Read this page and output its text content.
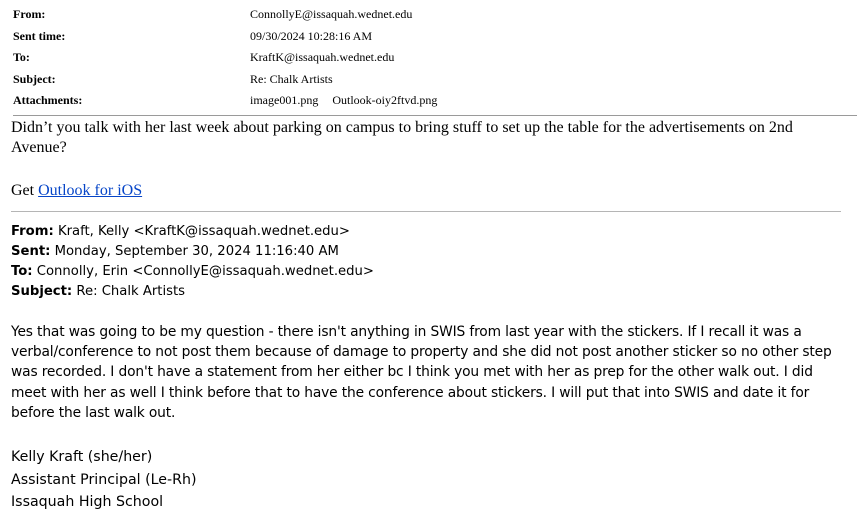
From:	ConnollyE@issaquah.wednet.edu
Sent time:	09/30/2024 10:28:16 AM
To:	KraftK@issaquah.wednet.edu
Subject:	Re: Chalk Artists
Attachments:	image001.png Outlook-oiy2ftvd.png
Didn’t you talk with her last week about parking on campus to bring stuff to set up the table for the advertisements on 2nd Avenue?
Get Outlook for iOS
From: Kraft, Kelly <KraftK@issaquah.wednet.edu>
Sent: Monday, September 30, 2024 11:16:40 AM
To: Connolly, Erin <ConnollyE@issaquah.wednet.edu>
Subject: Re: Chalk Artists
Yes that was going to be my question - there isn't anything in SWIS from last year with the stickers. If I recall it was a
verbal/conference to not post them because of damage to property and she did not post another sticker so no other step
was recorded. I don't have a statement from her either bc I think you met with her as prep for the other walk out. I did
meet with her as well I think before that to have the conference about stickers. I will put that into SWIS and date it for
before the last walk out.
Kelly Kraft (she/her)
Assistant Principal (Le-Rh)
Issaquah High School
